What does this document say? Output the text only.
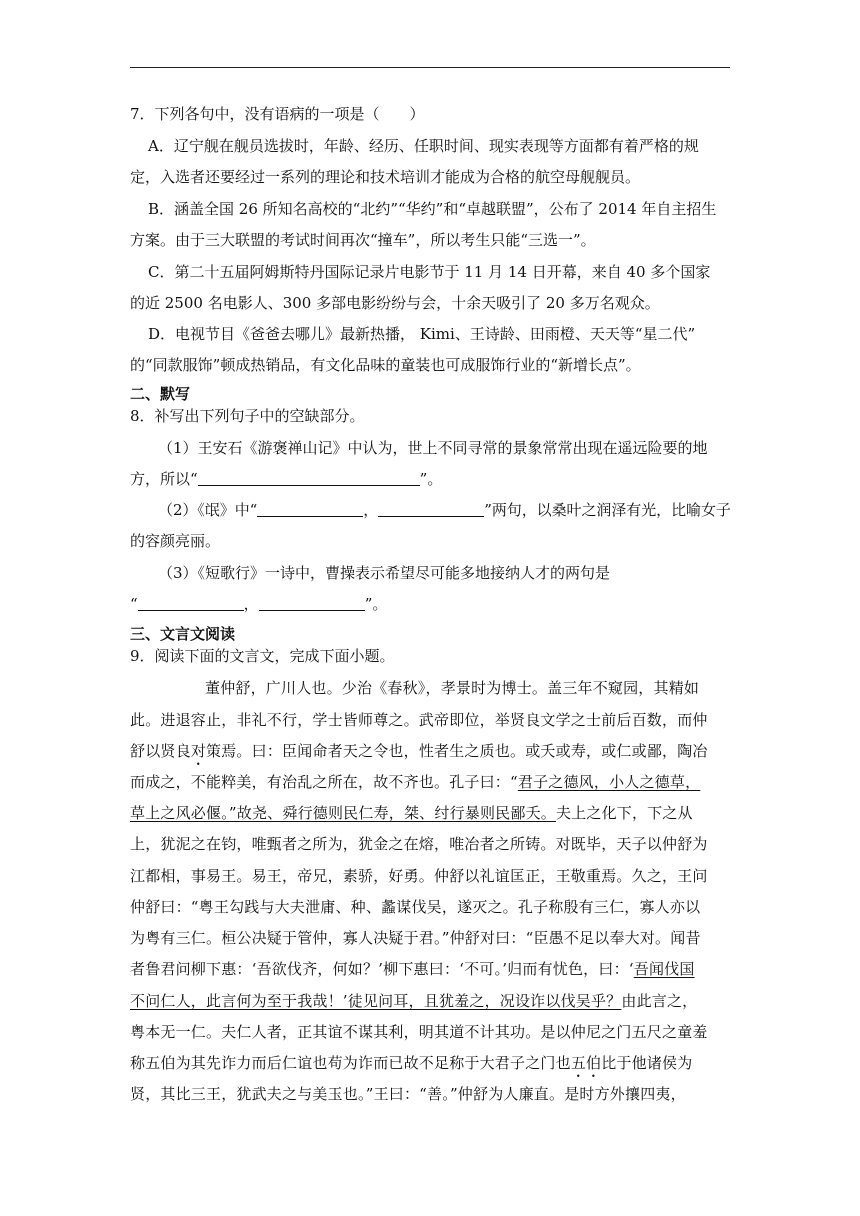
7．下列各句中，没有语病的一项是（　　）
A．辽宁舰在舰员选拔时，年龄、经历、任职时间、现实表现等方面都有着严格的规
定，入选者还要经过一系列的理论和技术培训才能成为合格的航空母舰舰员。
B．涵盖全国 26 所知名高校的“北约”“华约”和“卓越联盟”，公布了 2014 年自主招生
方案。由于三大联盟的考试时间再次“撞车”，所以考生只能“三选一”。
C．第二十五届阿姆斯特丹国际记录片电影节于 11 月 14 日开幕，来自 40 多个国家
的近 2500 名电影人、300 多部电影纷纷与会，十余天吸引了 20 多万名观众。
D．电视节目《爸爸去哪儿》最新热播， Kimi、王诗龄、田雨橙、天天等“星二代”
的“同款服饰”顿成热销品，有文化品味的童装也可成服饰行业的“新增长点”。
二、默写
8．补写出下列句子中的空缺部分。
（1）王安石《游褒禅山记》中认为，世上不同寻常的景象常常出现在遥远险要的地
方，所以“	”。
（2）《氓》中“	，	”两句，以桑叶之润泽有光，比喻女子
的容颜亮丽。
（3）《短歌行》一诗中，曹操表示希望尽可能多地接纳人才的两句是
“	，	”。
三、文言文阅读
9．阅读下面的文言文，完成下面小题。
董仲舒，广川人也。少治《春秋》，孝景时为博士。盖三年不窥园，其精如
此。进退容止，非礼不行，学士皆师尊之。武帝即位，举贤良文学之士前后百数，而仲
舒以贤良对策焉。曰：臣闻命者天之令也，性者生之质也。或夭或寿，或仁或鄙，陶冶
而成之，不能粹美，有治乱之所在，故不齐也。孔子曰：“君子之德风，小人之德草，
草上之风必偃。”故尧、舜行德则民仁寿，桀、纣行暴则民鄙夭。夫上之化下，下之从
上，犹泥之在钧，唯甄者之所为，犹金之在熔，唯冶者之所铸。对既毕，天子以仲舒为
江都相，事易王。易王，帝兄，素骄，好勇。仲舒以礼谊匡正，王敬重焉。久之，王问
仲舒曰：“粤王勾践与大夫泄庸、种、蠡谋伐吴，遂灭之。孔子称殷有三仁，寡人亦以
为粤有三仁。桓公决疑于管仲，寡人决疑于君。”仲舒对曰：“臣愚不足以奉大对。闻昔
者鲁君问柳下惠：‘吾欲伐齐，何如？’柳下惠曰：‘不可。’归而有忧色，曰：‘吾闻伐国
不问仁人，此言何为至于我哉！’徒见问耳，且犹羞之，况设诈以伐吴乎？由此言之，
粤本无一仁。夫仁人者，正其谊不谋其利，明其道不计其功。是以仲尼之门五尺之童羞
称五伯为其先诈力而后仁谊也苟为诈而已故不足称于大君子之门也五伯比于他诸侯为
贤，其比三王，犹武夫之与美玉也。”王曰：“善。”仲舒为人廉直。是时方外攘四夷，
